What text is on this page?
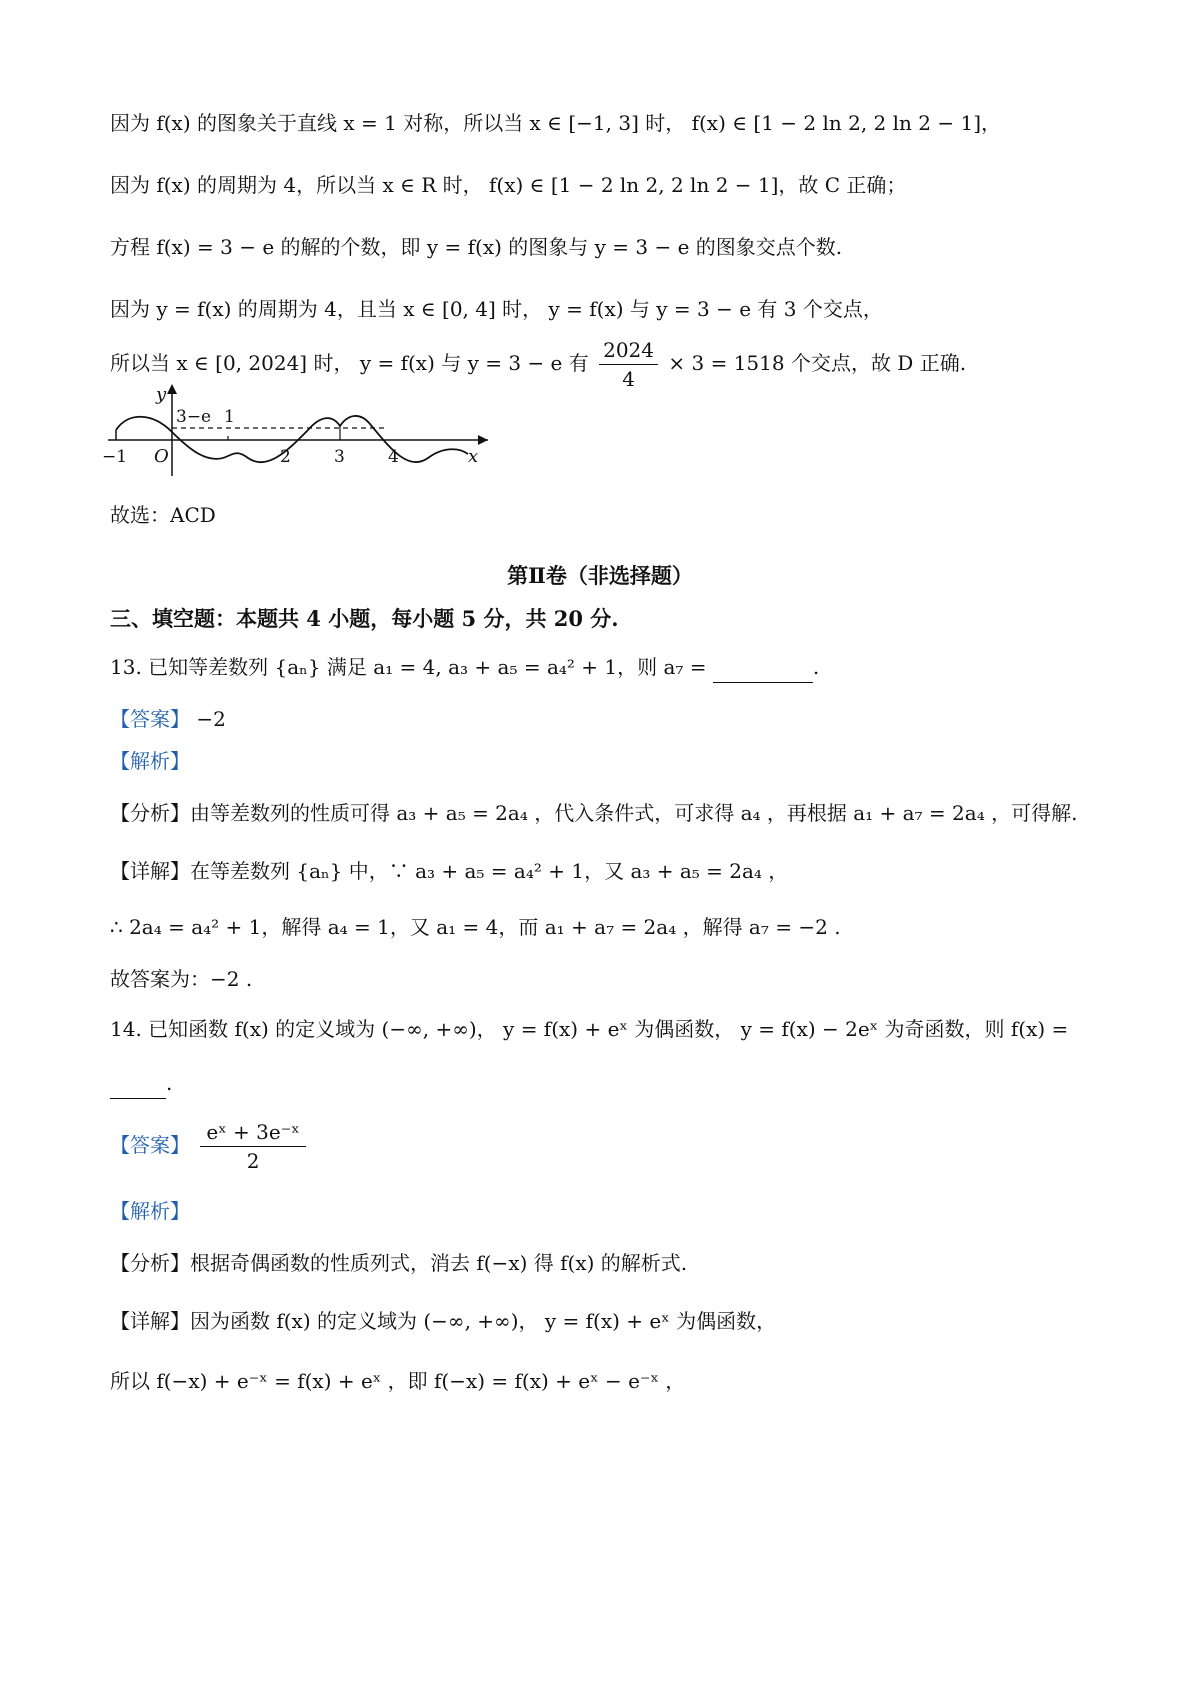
因为 f(x) 的图象关于直线 x = 1 对称，所以当 x ∈ [−1, 3] 时， f(x) ∈ [1 − 2 ln 2, 2 ln 2 − 1]，
因为 f(x) 的周期为 4，所以当 x ∈ R 时， f(x) ∈ [1 − 2 ln 2, 2 ln 2 − 1]，故 C 正确；
方程 f(x) = 3 − e 的解的个数，即 y = f(x) 的图象与 y = 3 − e 的图象交点个数.
因为 y = f(x) 的周期为 4，且当 x ∈ [0, 4] 时， y = f(x) 与 y = 3 − e 有 3 个交点，
所以当 x ∈ [0, 2024] 时， y = f(x) 与 y = 3 − e 有 $\frac{2024}{4} \times 3 = 1518$ 个交点，故 D 正确.
y
x
O
3−e 1
−1	2	3	4
故选：ACD
第Ⅱ卷（非选择题）
三、填空题：本题共 4 小题，每小题 5 分，共 20 分.
13. 已知等差数列 {aₙ} 满足 a₁ = 4, a₃ + a₅ = a₄² + 1，则 a₇ =	.
【答案】 −2
【解析】
【分析】由等差数列的性质可得 a₃ + a₅ = 2a₄ ，代入条件式，可求得 a₄ ，再根据 a₁ + a₇ = 2a₄ ，可得解.
【详解】在等差数列 {aₙ} 中，∵ a₃ + a₅ = a₄² + 1，又 a₃ + a₅ = 2a₄ ，
∴ 2a₄ = a₄² + 1，解得 a₄ = 1，又 a₁ = 4，而 a₁ + a₇ = 2a₄ ，解得 a₇ = −2 .
故答案为：−2 .
14. 已知函数 f(x) 的定义域为 (−∞, +∞)， y = f(x) + eˣ 为偶函数， y = f(x) − 2eˣ 为奇函数，则 f(x) =
.
【答案】 $\frac{\text{eˣ + 3e⁻ˣ}}{2}$
【解析】
【分析】根据奇偶函数的性质列式，消去 f(−x) 得 f(x) 的解析式.
【详解】因为函数 f(x) 的定义域为 (−∞, +∞)， y = f(x) + eˣ 为偶函数，
所以 f(−x) + e⁻ˣ = f(x) + eˣ ，即 f(−x) = f(x) + eˣ − e⁻ˣ ，
